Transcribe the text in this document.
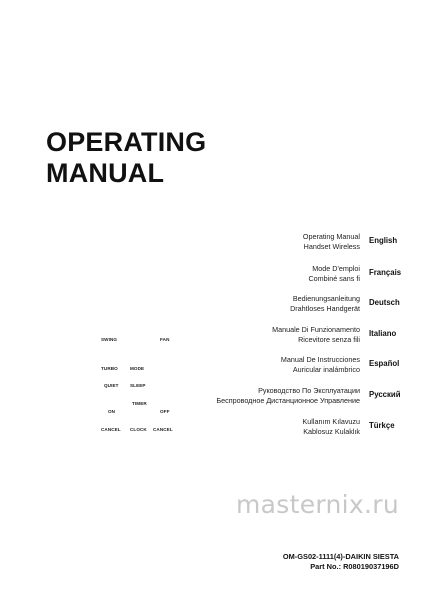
OPERATING
MANUAL
Operating Manual
Handset Wireless
English
Mode D'emploi
Combiné sans fi
Français
Bedienungsanleitung
Drahtloses Handgerät
Deutsch
Manuale Di Funzionamento
Ricevitore senza fili
Italiano
Manual De Instrucciones
Auricular inalámbrico
Español
Руководство По Эксплуатации
Беспроводное Дистанционное Управление
Русский
Kullanım Kılavuzu
Kablosuz Kulaklık
Türkçe
SWING	FAN
TURBO	MODE
QUIET SLEEP
TIMER
ON	OFF
CANCEL CLOCK CANCEL
masternix.ru
OM-GS02-1111(4)-DAIKIN SIESTA
Part No.: R08019037196D
